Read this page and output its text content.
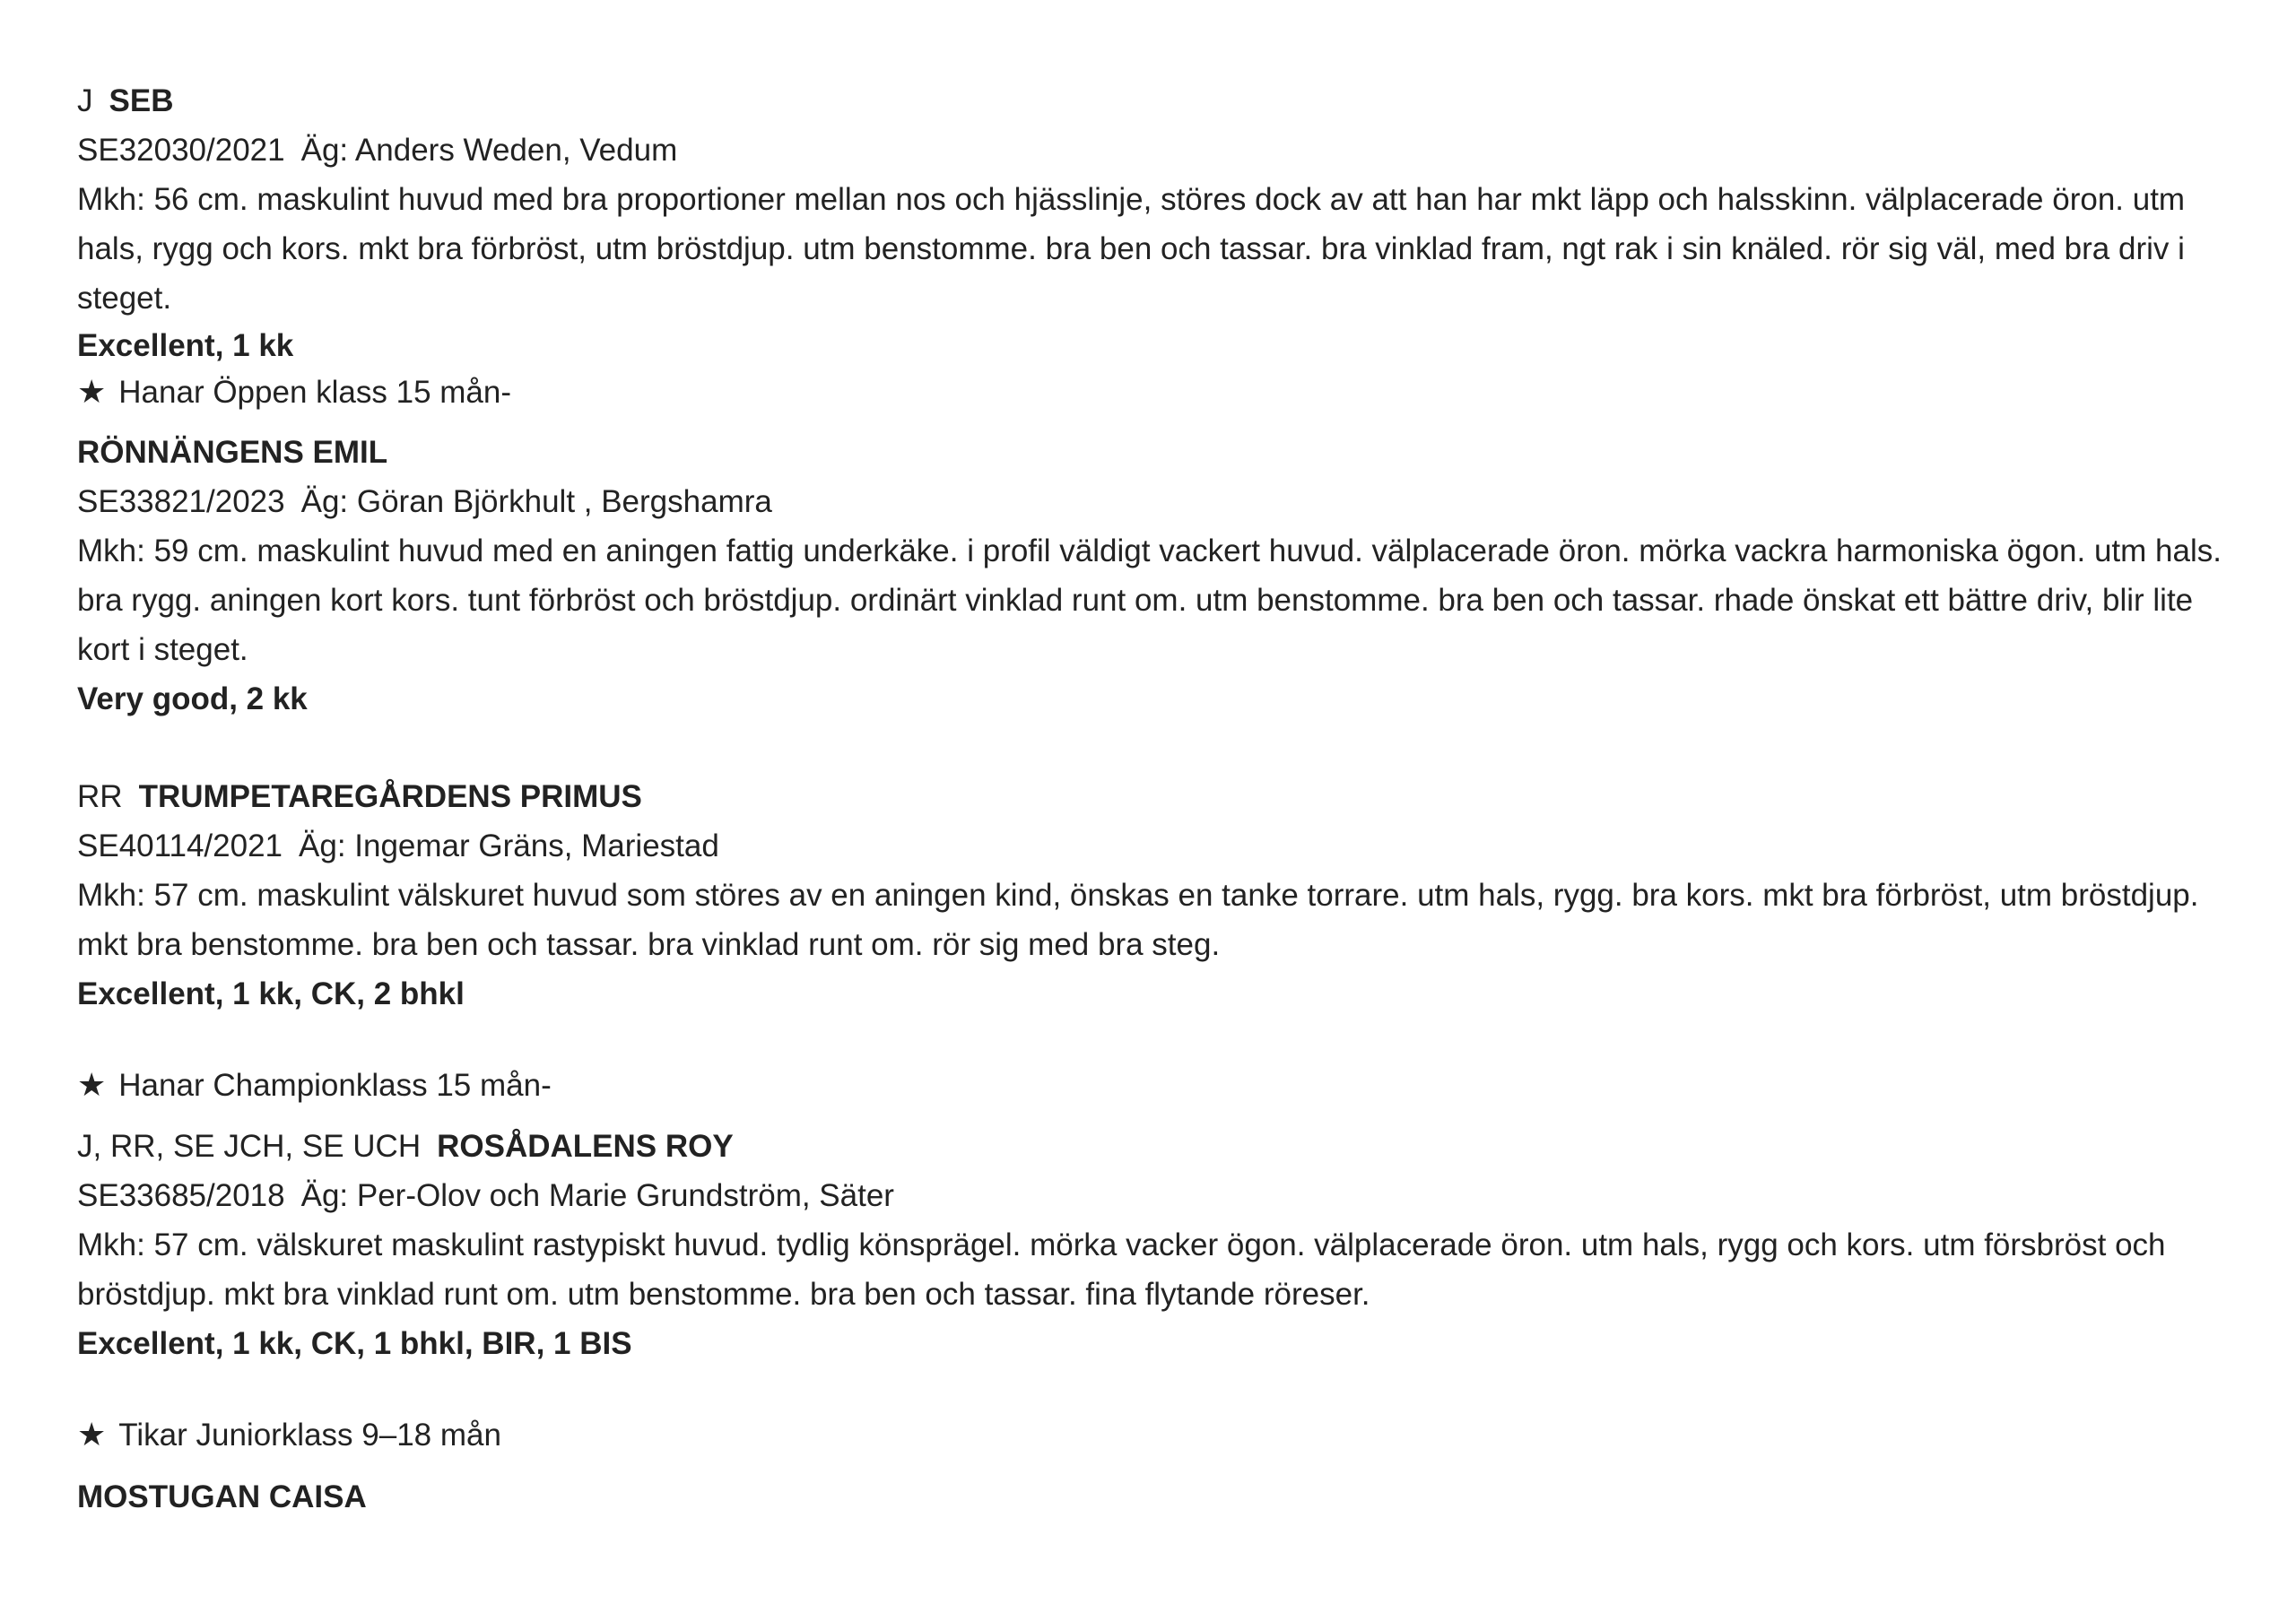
J SEB
SE32030/2021 Äg: Anders Weden, Vedum
Mkh: 56 cm. maskulint huvud med bra proportioner mellan nos och hjässlinje, störes dock av att han har mkt läpp och halsskinn. välplacerade öron. utm hals, rygg och kors. mkt bra förbröst, utm bröstdjup. utm benstomme. bra ben och tassar. bra vinklad fram, ngt rak i sin knäled. rör sig väl, med bra driv i steget.
Excellent, 1 kk
★ Hanar Öppen klass 15 mån-
RÖNNÄNGENS EMIL
SE33821/2023 Äg: Göran Björkhult , Bergshamra
Mkh: 59 cm. maskulint huvud med en aningen fattig underkäke. i profil väldigt vackert huvud. välplacerade öron. mörka vackra harmoniska ögon. utm hals. bra rygg. aningen kort kors. tunt förbröst och bröstdjup. ordinärt vinklad runt om. utm benstomme. bra ben och tassar. rhade önskat ett bättre driv, blir lite kort i steget.
Very good, 2 kk
RR TRUMPETAREGÅRDENS PRIMUS
SE40114/2021 Äg: Ingemar Gräns, Mariestad
Mkh: 57 cm. maskulint välskuret huvud som störes av en aningen kind, önskas en tanke torrare. utm hals, rygg. bra kors. mkt bra förbröst, utm bröstdjup. mkt bra benstomme. bra ben och tassar. bra vinklad runt om. rör sig med bra steg.
Excellent, 1 kk, CK, 2 bhkl
★ Hanar Championklass 15 mån-
J, RR, SE JCH, SE UCH ROSÅDALENS ROY
SE33685/2018 Äg: Per-Olov och Marie Grundström, Säter
Mkh: 57 cm. välskuret maskulint rastypiskt huvud. tydlig könsprägel. mörka vacker ögon. välplacerade öron. utm hals, rygg och kors. utm försbröst och bröstdjup. mkt bra vinklad runt om. utm benstomme. bra ben och tassar. fina flytande röreser.
Excellent, 1 kk, CK, 1 bhkl, BIR, 1 BIS
★ Tikar Juniorklass 9–18 mån
MOSTUGAN CAISA
